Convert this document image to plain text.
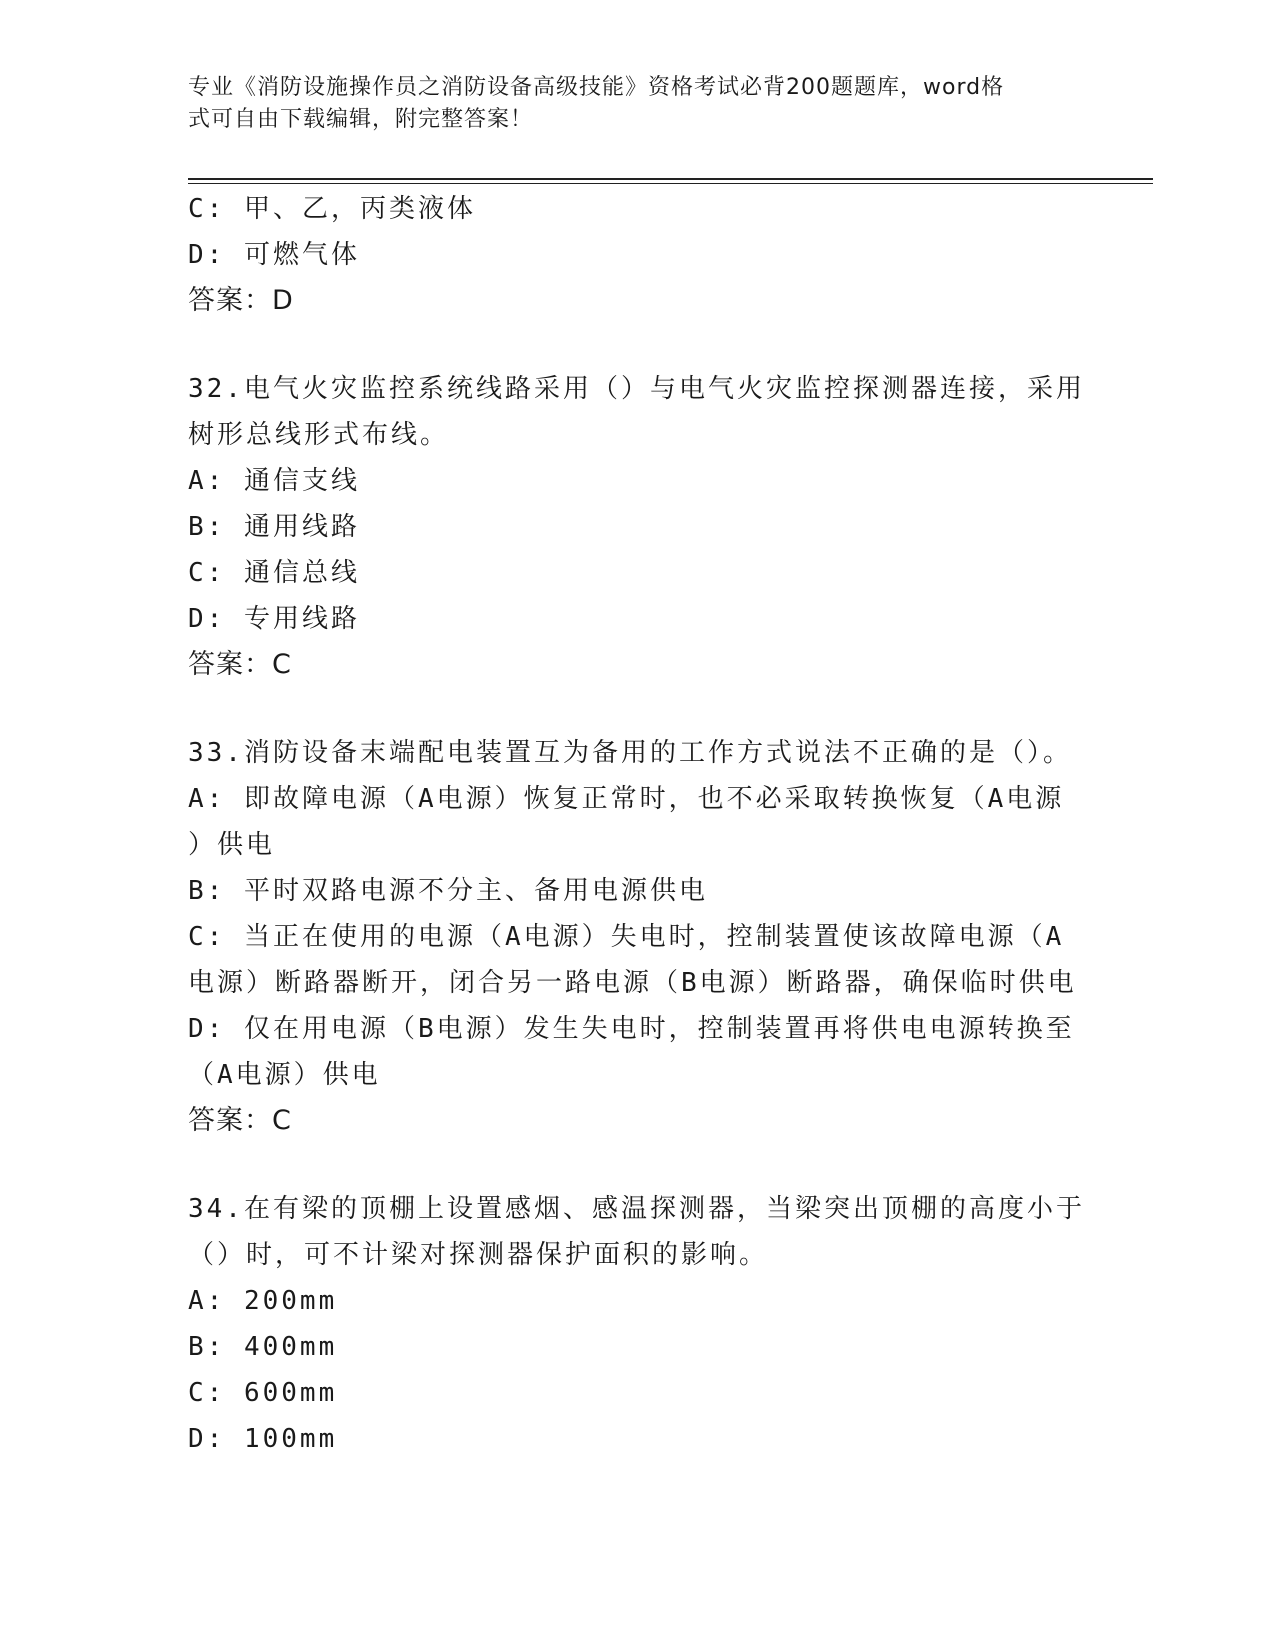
专业《消防设施操作员之消防设备高级技能》资格考试必背200题题库，word格
式可自由下载编辑，附完整答案！
C: 甲、乙，丙类液体
D: 可燃气体
答案：D
32.电气火灾监控系统线路采用（）与电气火灾监控探测器连接，采用
树形总线形式布线。
A: 通信支线
B: 通用线路
C: 通信总线
D: 专用线路
答案：C
33.消防设备末端配电装置互为备用的工作方式说法不正确的是（）。
A: 即故障电源（A电源）恢复正常时，也不必采取转换恢复（A电源
）供电
B: 平时双路电源不分主、备用电源供电
C: 当正在使用的电源（A电源）失电时，控制装置使该故障电源（A
电源）断路器断开，闭合另一路电源（B电源）断路器，确保临时供电
D: 仅在用电源（B电源）发生失电时，控制装置再将供电电源转换至
（A电源）供电
答案：C
34.在有梁的顶棚上设置感烟、感温探测器，当梁突出顶棚的高度小于
（）时，可不计梁对探测器保护面积的影响。
A: 200mm
B: 400mm
C: 600mm
D: 100mm
